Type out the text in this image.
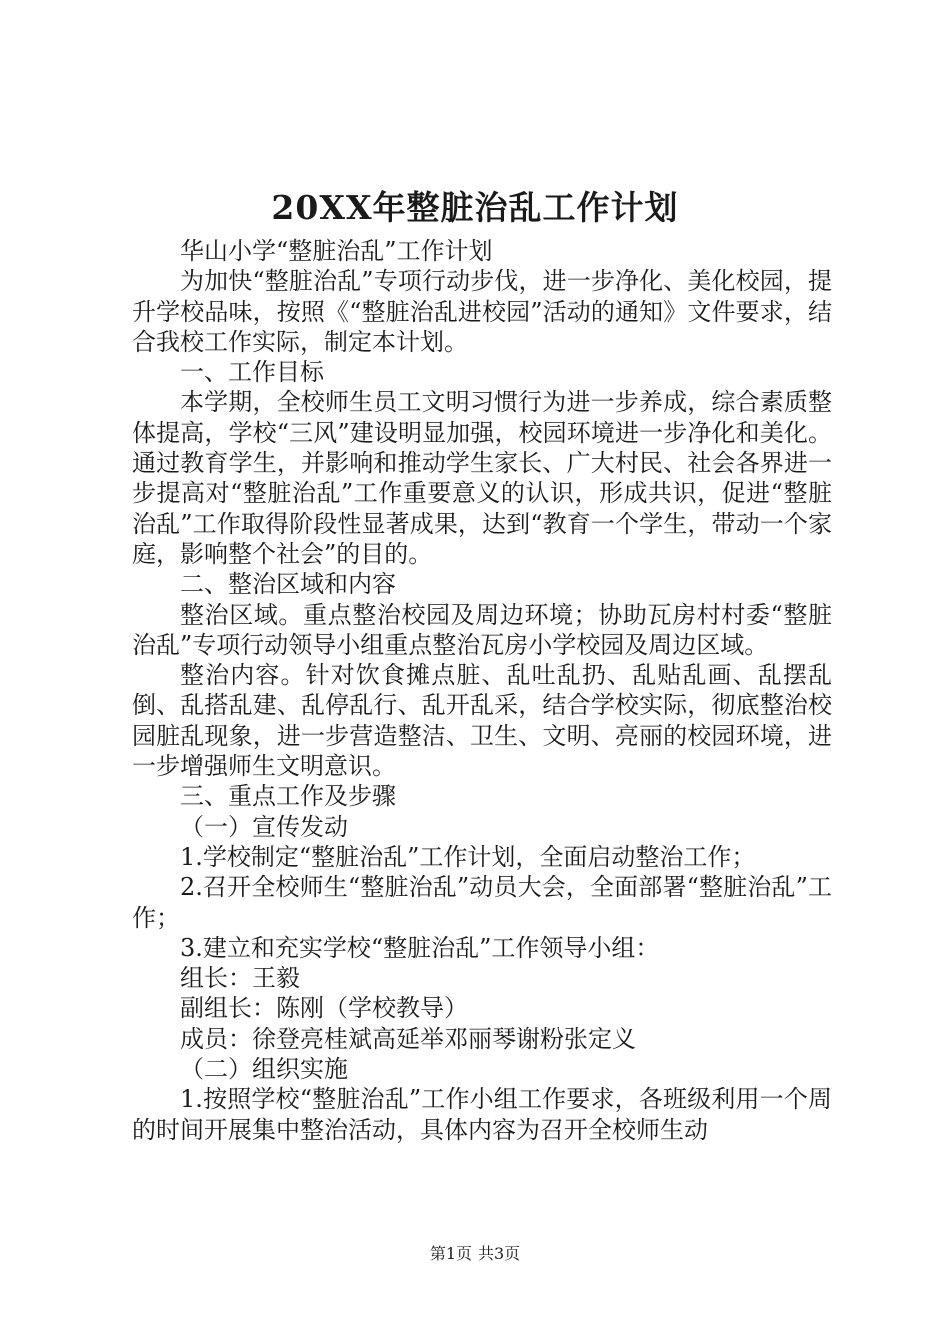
20XX年整脏治乱工作计划

华山小学“整脏治乱”工作计划

为加快“整脏治乱”专项行动步伐，进一步净化、美化校园，提升学校品味，按照《“整脏治乱进校园”活动的通知》文件要求，结合我校工作实际，制定本计划。

一、工作目标

本学期，全校师生员工文明习惯行为进一步养成，综合素质整体提高，学校“三风”建设明显加强，校园环境进一步净化和美化。通过教育学生，并影响和推动学生家长、广大村民、社会各界进一步提高对“整脏治乱”工作重要意义的认识，形成共识，促进“整脏治乱”工作取得阶段性显著成果，达到“教育一个学生，带动一个家庭，影响整个社会”的目的。

二、整治区域和内容

整治区域。重点整治校园及周边环境；协助瓦房村村委“整脏治乱”专项行动领导小组重点整治瓦房小学校园及周边区域。

整治内容。针对饮食摊点脏、乱吐乱扔、乱贴乱画、乱摆乱倒、乱搭乱建、乱停乱行、乱开乱采，结合学校实际，彻底整治校园脏乱现象，进一步营造整洁、卫生、文明、亮丽的校园环境，进一步增强师生文明意识。

三、重点工作及步骤

（一）宣传发动

1.学校制定“整脏治乱”工作计划，全面启动整治工作；

2.召开全校师生“整脏治乱”动员大会，全面部署“整脏治乱”工作；

3.建立和充实学校“整脏治乱”工作领导小组：

组长：王毅

副组长：陈刚（学校教导）

成员：徐登亮桂斌高延举邓丽琴谢粉张定义

（二）组织实施

1.按照学校“整脏治乱”工作小组工作要求，各班级利用一个周的时间开展集中整治活动，具体内容为召开全校师生动

第1页 共3页
